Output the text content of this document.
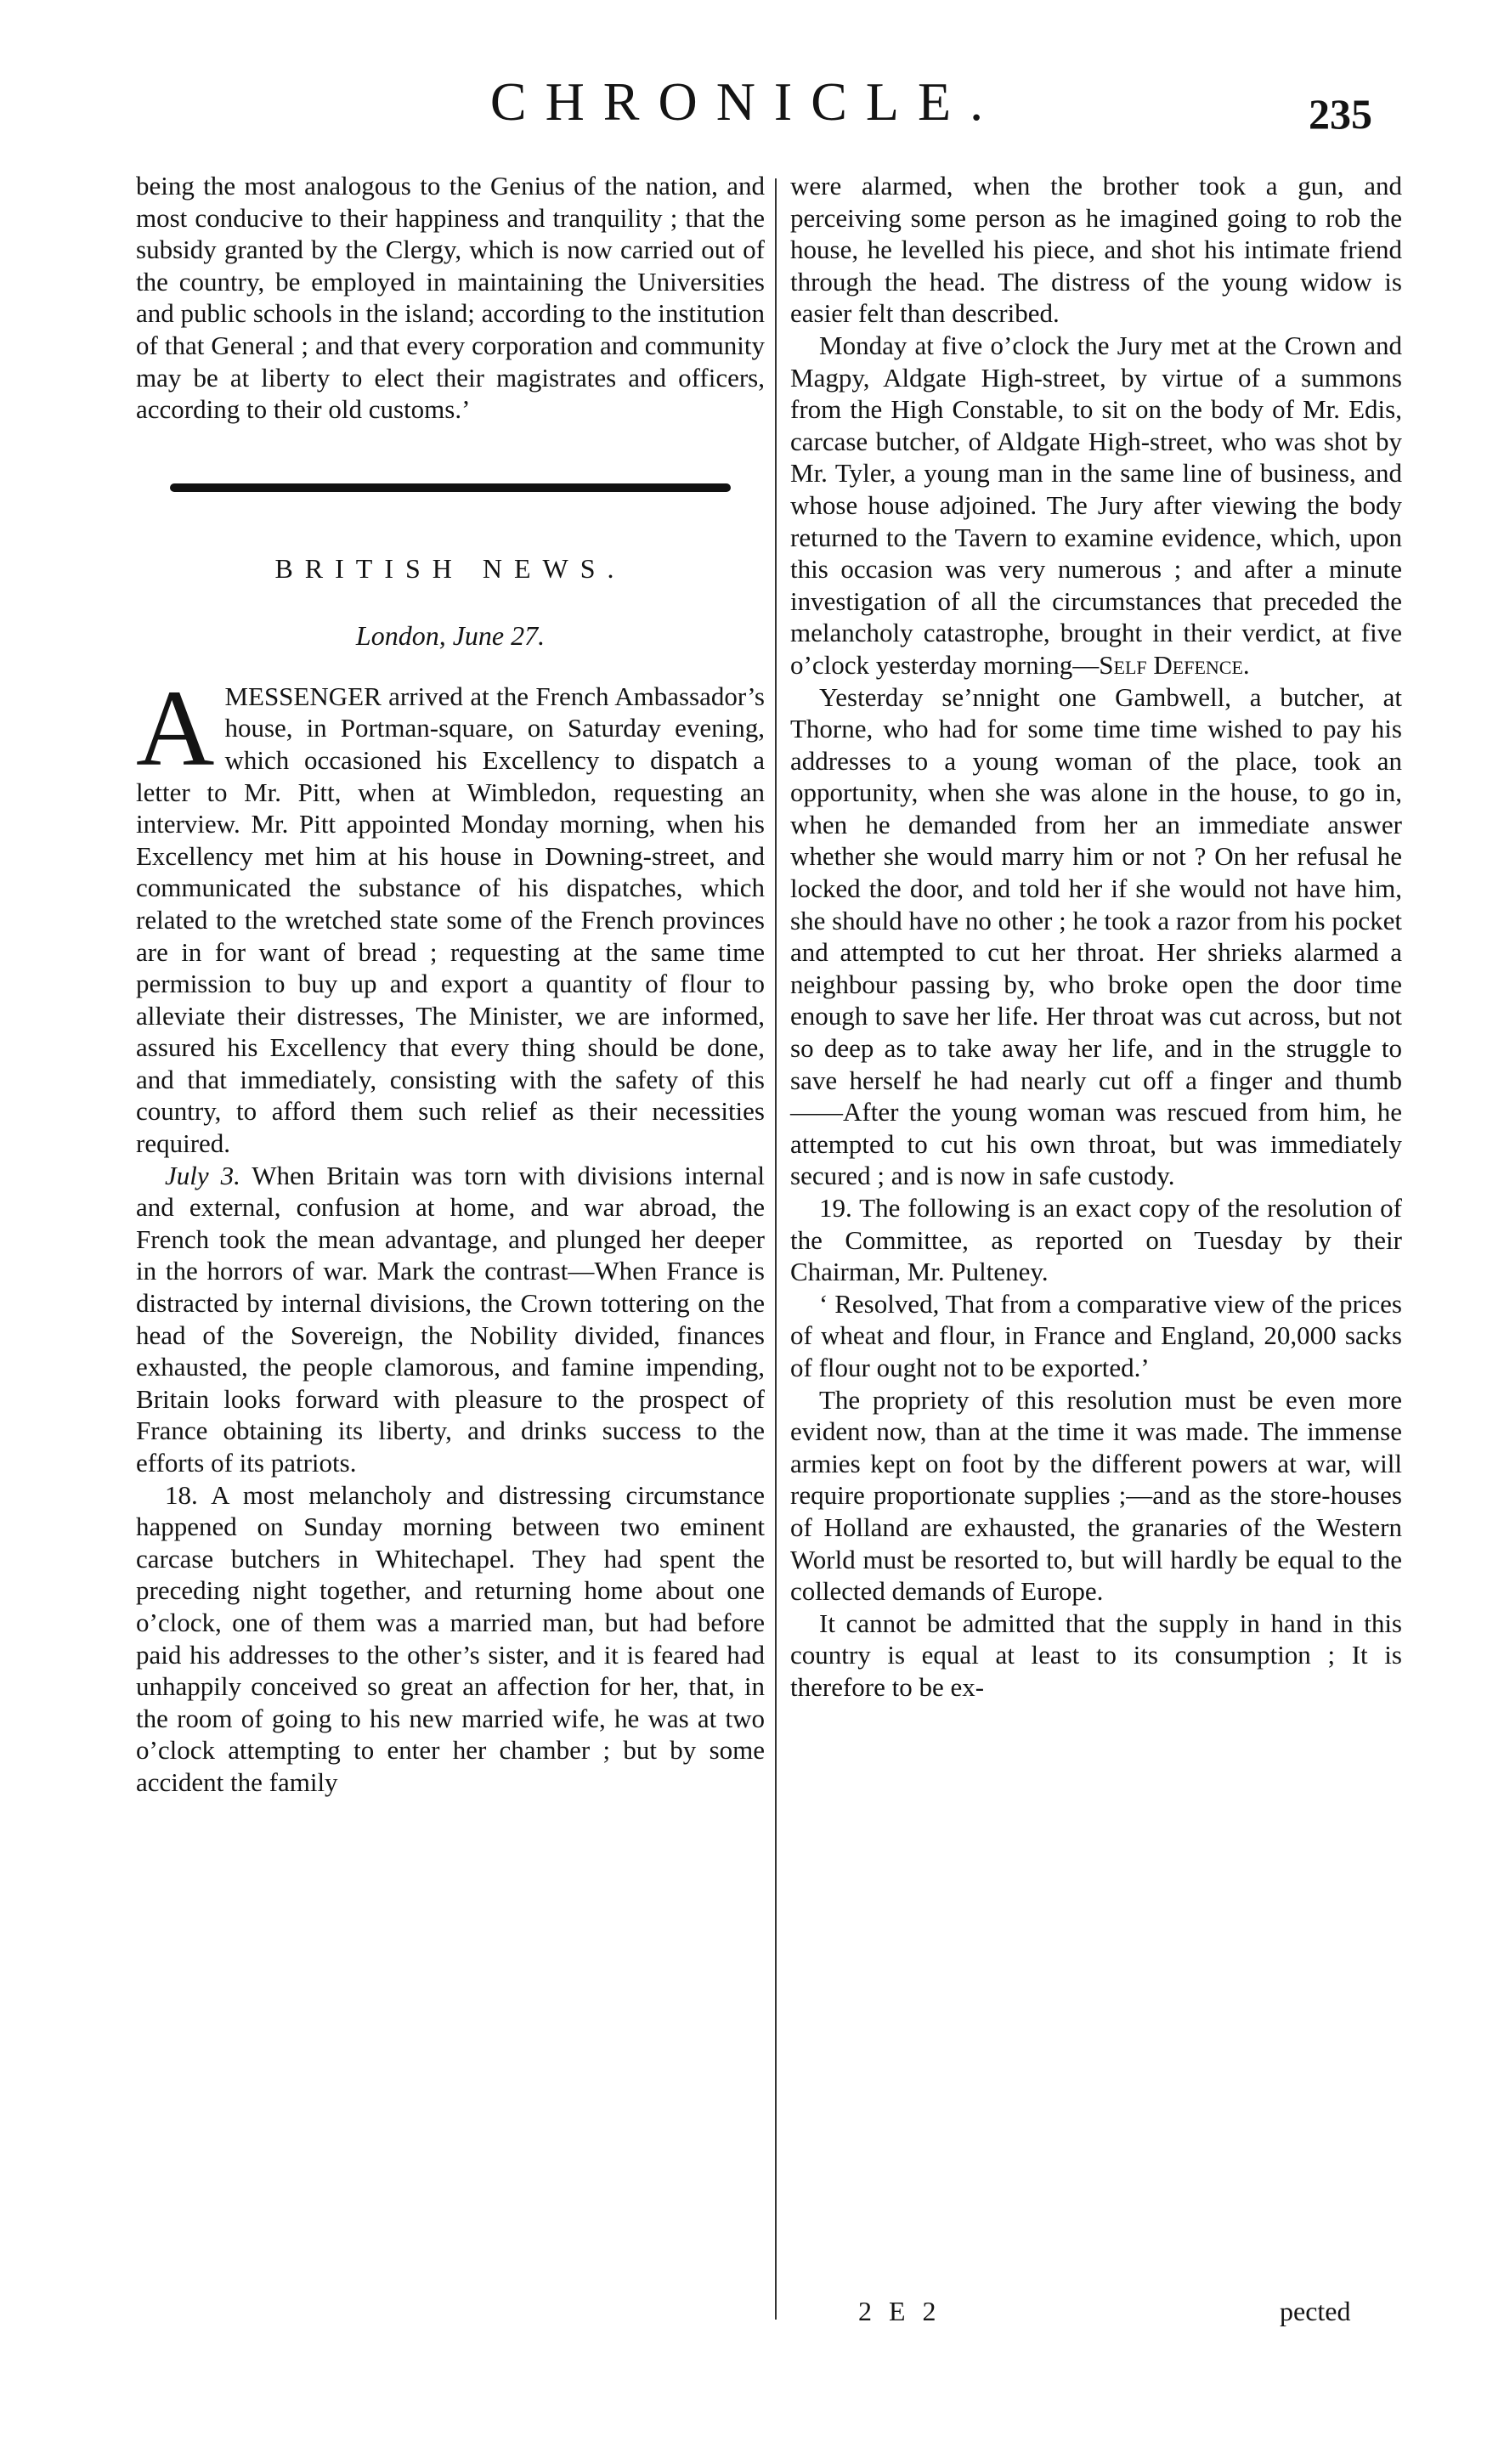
CHRONICLE.	235

being the most analogous to the Genius of the nation, and most conducive to their happiness and tranquility ; that the subsidy granted by the Clergy, which is now carried out of the country, be employed in maintaining the Universities and public schools in the island; according to the institution of that General ; and that every corporation and community may be at liberty to elect their magistrates and officers, according to their old customs.’

BRITISH NEWS.

London, June 27.

AMESSENGER arrived at the French Ambassador’s house, in Portman-square, on Saturday evening, which occasioned his Excellency to dispatch a letter to Mr. Pitt, when at Wimbledon, requesting an interview. Mr. Pitt appointed Monday morning, when his Excellency met him at his house in Downing-street, and communicated the substance of his dispatches, which related to the wretched state some of the French provinces are in for want of bread ; requesting at the same time permission to buy up and export a quantity of flour to alleviate their distresses, The Minister, we are informed, assured his Excellency that every thing should be done, and that immediately, consisting with the safety of this country, to afford them such relief as their necessities required.

July 3. When Britain was torn with divisions internal and external, confusion at home, and war abroad, the French took the mean advantage, and plunged her deeper in the horrors of war. Mark the contrast—When France is distracted by internal divisions, the Crown tottering on the head of the Sovereign, the Nobility divided, finances exhausted, the people clamorous, and famine impending, Britain looks forward with pleasure to the prospect of France obtaining its liberty, and drinks success to the efforts of its patriots.

18. A most melancholy and distressing circumstance happened on Sunday morning between two eminent carcase butchers in Whitechapel. They had spent the preceding night together, and returning home about one o’clock, one of them was a married man, but had before paid his addresses to the other’s sister, and it is feared had unhappily conceived so great an affection for her, that, in the room of going to his new married wife, he was at two o’clock attempting to enter her chamber ; but by some accident the family

were alarmed, when the brother took a gun, and perceiving some person as he imagined going to rob the house, he levelled his piece, and shot his intimate friend through the head. The distress of the young widow is easier felt than described.

Monday at five o’clock the Jury met at the Crown and Magpy, Aldgate High-street, by virtue of a summons from the High Constable, to sit on the body of Mr. Edis, carcase butcher, of Aldgate High-street, who was shot by Mr. Tyler, a young man in the same line of business, and whose house adjoined. The Jury after viewing the body returned to the Tavern to examine evidence, which, upon this occasion was very numerous ; and after a minute investigation of all the circumstances that preceded the melancholy catastrophe, brought in their verdict, at five o’clock yesterday morning—Self Defence.

Yesterday se’nnight one Gambwell, a butcher, at Thorne, who had for some time time wished to pay his addresses to a young woman of the place, took an opportunity, when she was alone in the house, to go in, when he demanded from her an immediate answer whether she would marry him or not ? On her refusal he locked the door, and told her if she would not have him, she should have no other ; he took a razor from his pocket and attempted to cut her throat. Her shrieks alarmed a neighbour passing by, who broke open the door time enough to save her life. Her throat was cut across, but not so deep as to take away her life, and in the struggle to save herself he had nearly cut off a finger and thumb ——After the young woman was rescued from him, he attempted to cut his own throat, but was immediately secured ; and is now in safe custody.

19. The following is an exact copy of the resolution of the Committee, as reported on Tuesday by their Chairman, Mr. Pulteney.

‘ Resolved, That from a comparative view of the prices of wheat and flour, in France and England, 20,000 sacks of flour ought not to be exported.’

The propriety of this resolution must be even more evident now, than at the time it was made. The immense armies kept on foot by the different powers at war, will require proportionate supplies ;—and as the store-houses of Holland are exhausted, the granaries of the Western World must be resorted to, but will hardly be equal to the collected demands of Europe.

It cannot be admitted that the supply in hand in this country is equal at least to its consumption ; It is therefore to be ex-

2 E 2	pected
